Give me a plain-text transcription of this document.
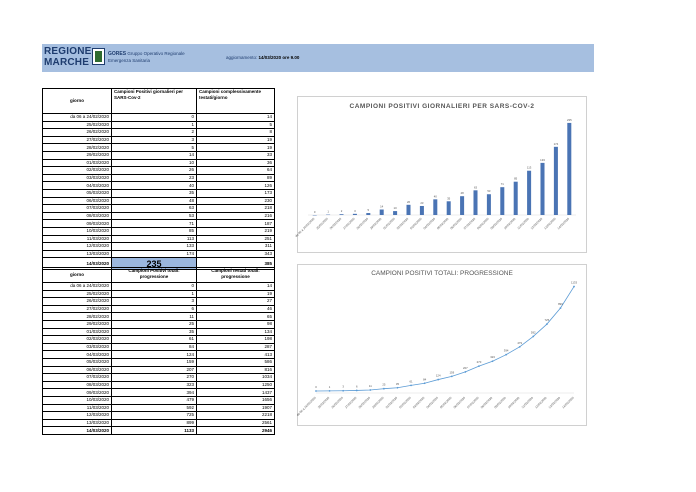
REGIONE
MARCHE
GORES Gruppo Operativo Regionale
Emergenza Sanitaria	aggiornamento: 14/03/2020 ore 9.00
giorno	Campioni Positivi giornalieri per SARS-Cov-2	Campioni complessivamente testati/giorno
da 06 a 24/02/2020	0	14
25/02/2020	1	5
26/02/2020	2	8
27/02/2020	3	19
28/02/2020	5	19
29/02/2020	14	33
01/03/2020	10	36
02/03/2020	26	64
03/03/2020	23	89
04/03/2020	40	126
05/03/2020	35	173
06/03/2020	48	230
07/03/2020	63	218
08/03/2020	53	216
09/03/2020	71	187
10/03/2020	85	219
11/03/2020	113	251
12/03/2020	133	311
13/03/2020	174	343
14/03/2020	235	385
giorno	Campioni Positivi totali: progressione	Campioni testati totali: progressione
da 06 a 24/02/2020	0	14
25/02/2020	1	19
26/02/2020	3	27
27/02/2020	6	46
28/02/2020	11	65
29/02/2020	25	98
01/03/2020	35	134
02/03/2020	61	198
03/03/2020	84	287
04/03/2020	124	413
05/03/2020	159	586
06/03/2020	207	816
07/03/2020	270	1034
08/03/2020	323	1250
09/03/2020	394	1437
10/03/2020	479	1656
11/03/2020	592	1907
12/03/2020	725	2218
13/03/2020	899	2561
14/03/2020	1133	2946
CAMPIONI POSITIVI GIORNALIERI PER SARS-COV-2
0
da 06 a 24/02/2020
1
25/02/2020
2
26/02/2020
3
27/02/2020
5
28/02/2020
14
29/02/2020
10
01/03/2020
26
02/03/2020
23
03/03/2020
40
04/03/2020
35
05/03/2020
48
06/03/2020
63
07/03/2020
53
08/03/2020
71
09/03/2020
85
10/03/2020
113
11/03/2020
133
12/03/2020
174
13/03/2020
235
14/03/2020
CAMPIONI POSITIVI TOTALI: PROGRESSIONE
0
da 06 a 24/02/2020
1
25/02/2020
3
26/02/2020
6
27/02/2020
11
28/02/2020
25
29/02/2020
35
01/03/2020
61
02/03/2020
84
03/03/2020
124
04/03/2020
159
05/03/2020
207
06/03/2020
270
07/03/2020
323
08/03/2020
394
09/03/2020
479
10/03/2020
592
11/03/2020
725
12/03/2020
899
13/03/2020
1133
14/03/2020
